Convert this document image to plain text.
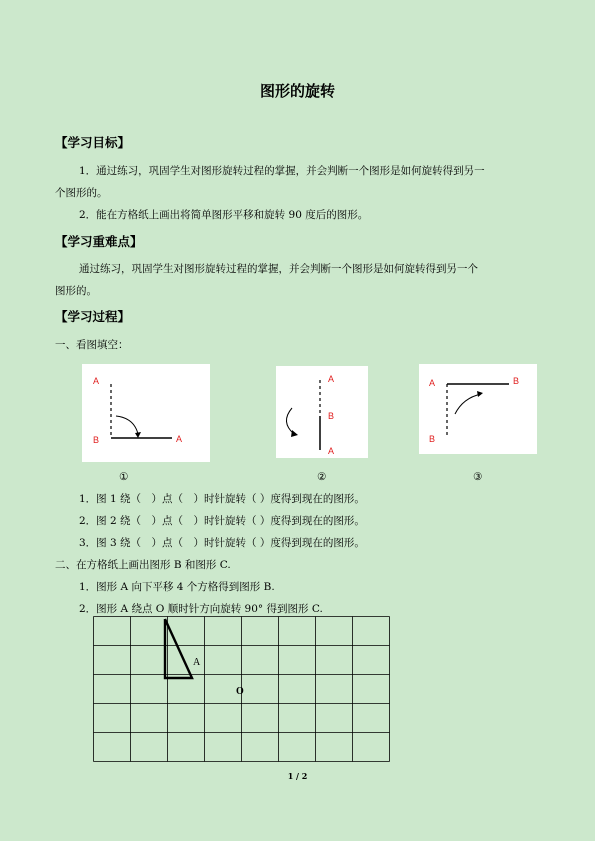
图形的旋转
【学习目标】
1．通过练习，巩固学生对图形旋转过程的掌握，并会判断一个图形是如何旋转得到另一
个图形的。
2．能在方格纸上画出将简单图形平移和旋转 90 度后的图形。
【学习重难点】
通过练习，巩固学生对图形旋转过程的掌握，并会判断一个图形是如何旋转得到另一个
图形的。
【学习过程】
一、看图填空：
A
B	A
A
B
A
A	B
B
①	②	③
1．图 1 绕（　）点（　）时针旋转（ ）度得到现在的图形。
2．图 2 绕（　）点（　）时针旋转（ ）度得到现在的图形。
3．图 3 绕（　）点（　）时针旋转（ ）度得到现在的图形。
二、在方格纸上画出图形 B 和图形 C.
1．图形 A 向下平移 4 个方格得到图形 B.
2．图形 A 绕点 O 顺时针方向旋转 90° 得到图形 C.
A
O
1 / 2
